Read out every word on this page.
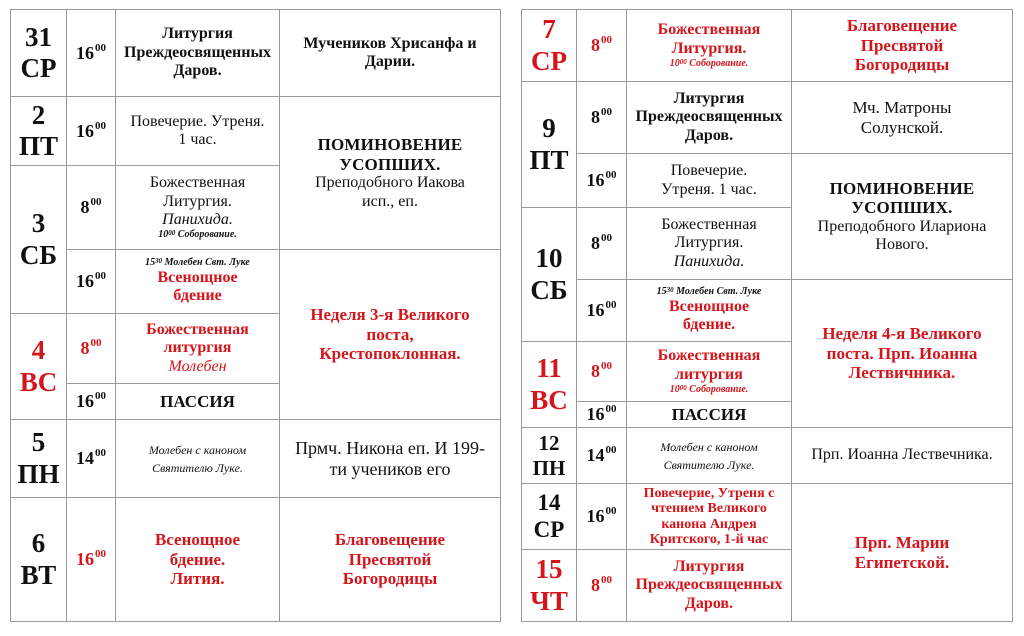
31
СР	$16^{00}$	Литургия
Преждеосвященных
Даров.	Мучеников Хрисанфа и Дарии.

2
ПТ	$16^{00}$	Повечерие. Утреня.
1 час.	ПОМИНОВЕНИЕ
УСОПШИХ.
Преподобного Иакова
исп., еп.

3
СБ	$8^{00}$	Божественная
Литургия.
Панихида.
$10^{00}$ Соборование.	

	$16^{00}$	$15^{30}$ Молебен Свт. Луке
Всенощное
бдение	Неделя 3-я Великого
поста,
Крестопоклонная.

4
ВС	$8^{00}$	Божественная
литургия
Молебен	

	$16^{00}$	ПАССИЯ	

5
ПН	$14^{00}$	Молебен с каноном
Святителю Луке.	Прмч. Никона еп. И 199-
ти учеников его

6
ВТ	$16^{00}$	Всенощное
бдение.
Лития.	Благовещение
Пресвятой
Богородицы
7
СР	$8^{00}$	Божественная
Литургия.
$10^{00}$ Соборование.	Благовещение
Пресвятой
Богородицы

9
ПТ	$8^{00}$	Литургия
Преждеосвященных
Даров.	Мч. Матроны
Солунской.

	$16^{00}$	Повечерие.
Утреня. 1 час.	ПОМИНОВЕНИЕ
УСОПШИХ.
Преподобного Илариона
Нового.

10
СБ	$8^{00}$	Божественная
Литургия.
Панихида.	

	$16^{00}$	$15^{30}$ Молебен Свт. Луке
Всенощное
бдение.	Неделя 4-я Великого
поста. Прп. Иоанна
Лествичника.

11
ВС	$8^{00}$	Божественная
литургия
$10^{00}$ Соборование.	

	$16^{00}$	ПАССИЯ	

12
ПН	$14^{00}$	Молебен с каноном
Святителю Луке.	Прп. Иоанна Лествечника.

14
СР	$16^{00}$	Повечерие, Утреня с
чтением Великого
канона Андрея
Критского, 1-й час	Прп. Марии
Египетской.

15
ЧТ	$8^{00}$	Литургия
Преждеосвященных
Даров.	
